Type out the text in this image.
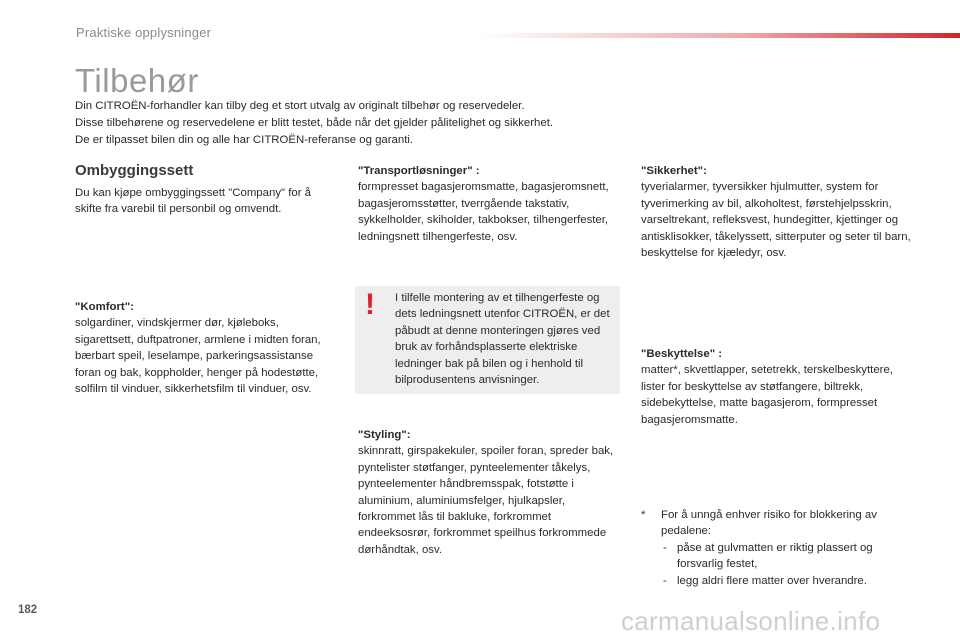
Praktiske opplysninger
Tilbehør

Din CITROËN-forhandler kan tilby deg et stort utvalg av originalt tilbehør og reservedeler.

Disse tilbehørene og reservedelene er blitt testet, både når det gjelder pålitelighet og sikkerhet.

De er tilpasset bilen din og alle har CITROËN-referanse og garanti.

Ombyggingssett
Du kan kjøpe ombyggingssett "Company" for å skifte fra varebil til personbil og omvendt.
"Komfort":
solgardiner, vindskjermer dør, kjøleboks, sigarettsett, duftpatroner, armlene i midten foran, bærbart speil, leselampe, parkeringsassistanse foran og bak, koppholder, henger på hodestøtte, solfilm til vinduer, sikkerhetsfilm til vinduer, osv.
"Transportløsninger" :
formpresset bagasjeromsmatte, bagasjeromsnett, bagasjeromsstøtter, tverrgående takstativ, sykkelholder, skiholder, takbokser, tilhengerfester, ledningsnett tilhengerfeste, osv.
! I tilfelle montering av et tilhengerfeste og dets ledningsnett utenfor CITROËN, er det påbudt at denne monteringen gjøres ved bruk av forhåndsplasserte elektriske ledninger bak på bilen og i henhold til bilprodusentens anvisninger.
"Styling":
skinnratt, girspakekuler, spoiler foran, spreder bak, pyntelister støtfanger, pynteelementer tåkelys, pynteelementer håndbremsspak, fotstøtte i aluminium, aluminiumsfelger, hjulkapsler, forkrommet lås til bakluke, forkrommet endeeksosrør, forkrommet speilhus forkrommede dørhåndtak, osv.
"Sikkerhet":
tyverialarmer, tyversikker hjulmutter, system for tyverimerking av bil, alkoholtest, førstehjelpsskrin, varseltrekant, refleksvest, hundegitter, kjettinger og antisklisokker, tåkelyssett, sitterputer og seter til barn, beskyttelse for kjæledyr, osv.
"Beskyttelse" :
matter*, skvettlapper, setetrekk, terskelbeskyttere, lister for beskyttelse av støtfangere, biltrekk, sidebekyttelse, matte bagasjerom, formpresset bagasjeromsmatte.
* For å unngå enhver risiko for blokkering av pedalene:
- påse at gulvmatten er riktig plassert og forsvarlig festet,
- legg aldri flere matter over hverandre.
182	carmanualsonline.info
